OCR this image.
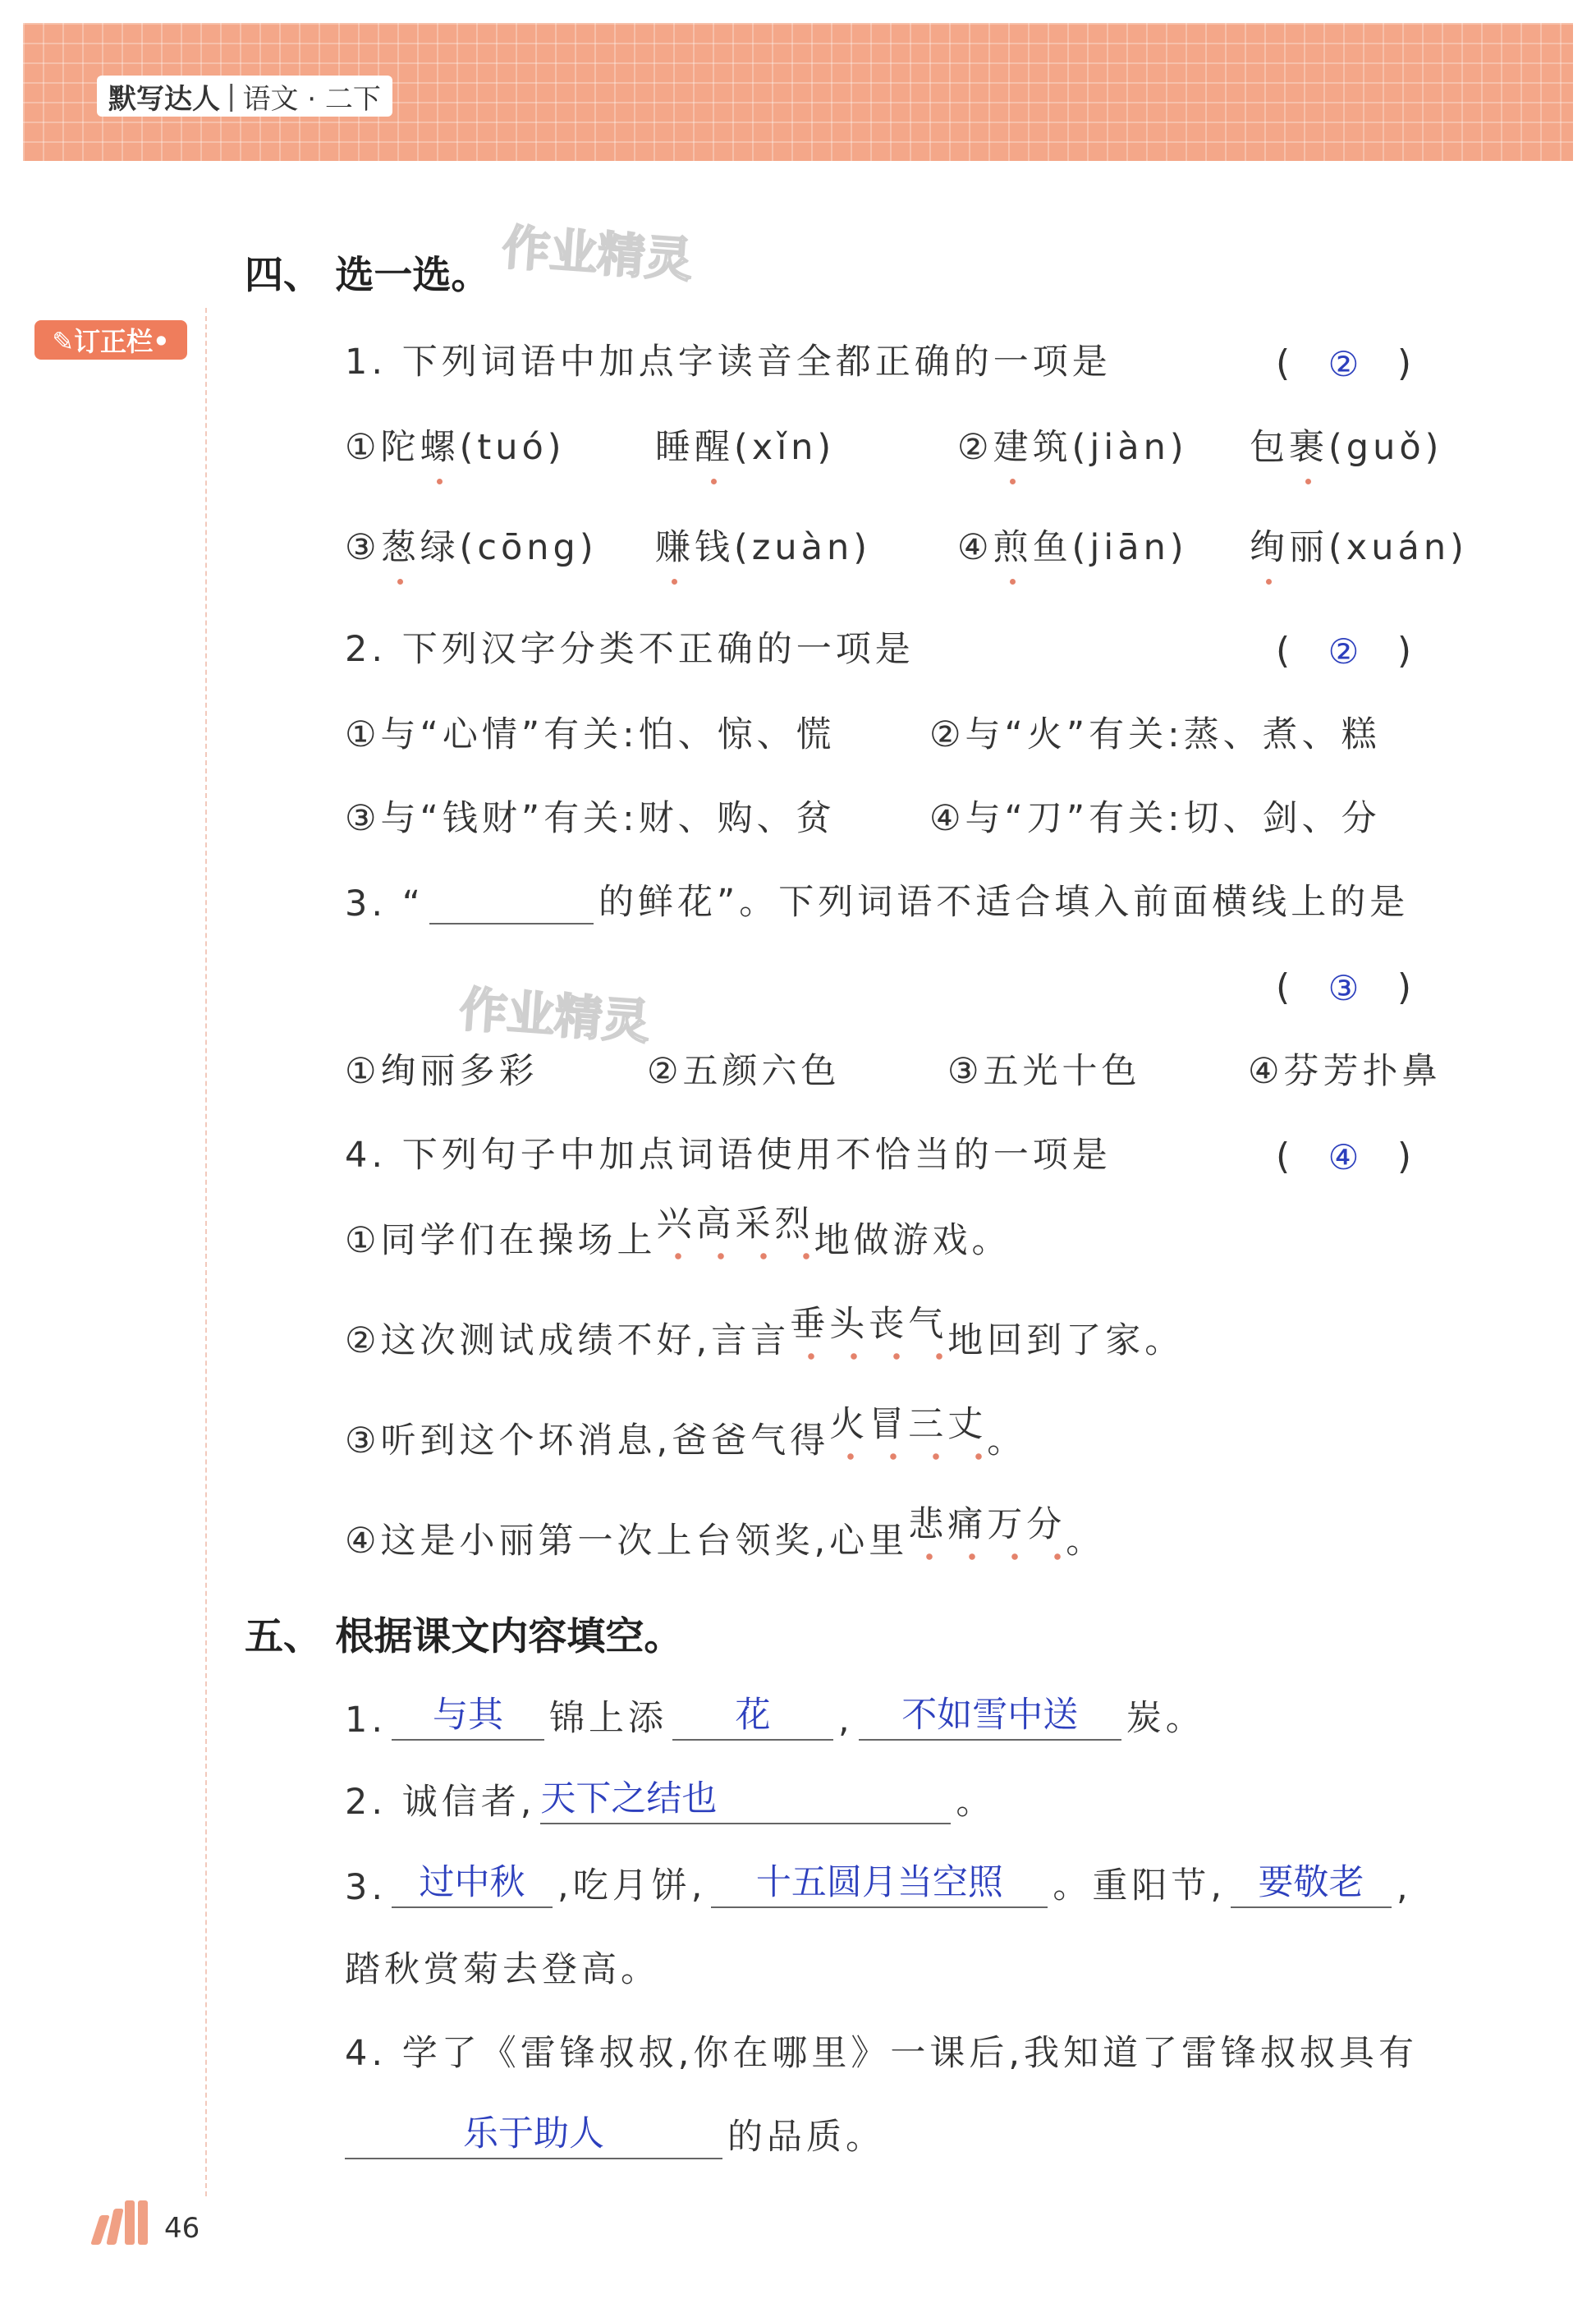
默写达人 | 语文 · 二下
作业精灵
作业精灵
✎订正栏•
四、 选一选。
1. 下列词语中加点字读音全都正确的一项是	( ② )
①陀螺(tuó)	睡醒(xǐn)	②建筑(jiàn) 包裹(guǒ)
③葱绿(cōng) 赚钱(zuàn) ④煎鱼(jiān) 绚丽(xuán)
2. 下列汉字分类不正确的一项是	( ② )
①与“心情”有关:怕、惊、慌	②与“火”有关:蒸、煮、糕
③与“钱财”有关:财、购、贫	④与“刀”有关:切、剑、分
3. “	的鲜花”。下列词语不适合填入前面横线上的是
( ③ )
①绚丽多彩	②五颜六色	③五光十色	④芬芳扑鼻
4. 下列句子中加点词语使用不恰当的一项是	( ④ )
①同学们在操场上 兴高采烈 地做游戏。
②这次测试成绩不好,言言 垂头丧气 地回到了家。
③听到这个坏消息,爸爸气得 火冒三丈 。
④这是小丽第一次上台领奖,心里 悲痛万分 。
五、 根据课文内容填空。
1.	与其	锦上添	花	,	不如雪中送	炭。
2. 诚信者, 天下之结也	。
3. 过中秋 ,吃月饼,	十五圆月当空照	。重阳节, 要敬老 ,
踏秋赏菊去登高。
4. 学了《雷锋叔叔,你在哪里》一课后,我知道了雷锋叔叔具有
乐于助人	的品质。
46
